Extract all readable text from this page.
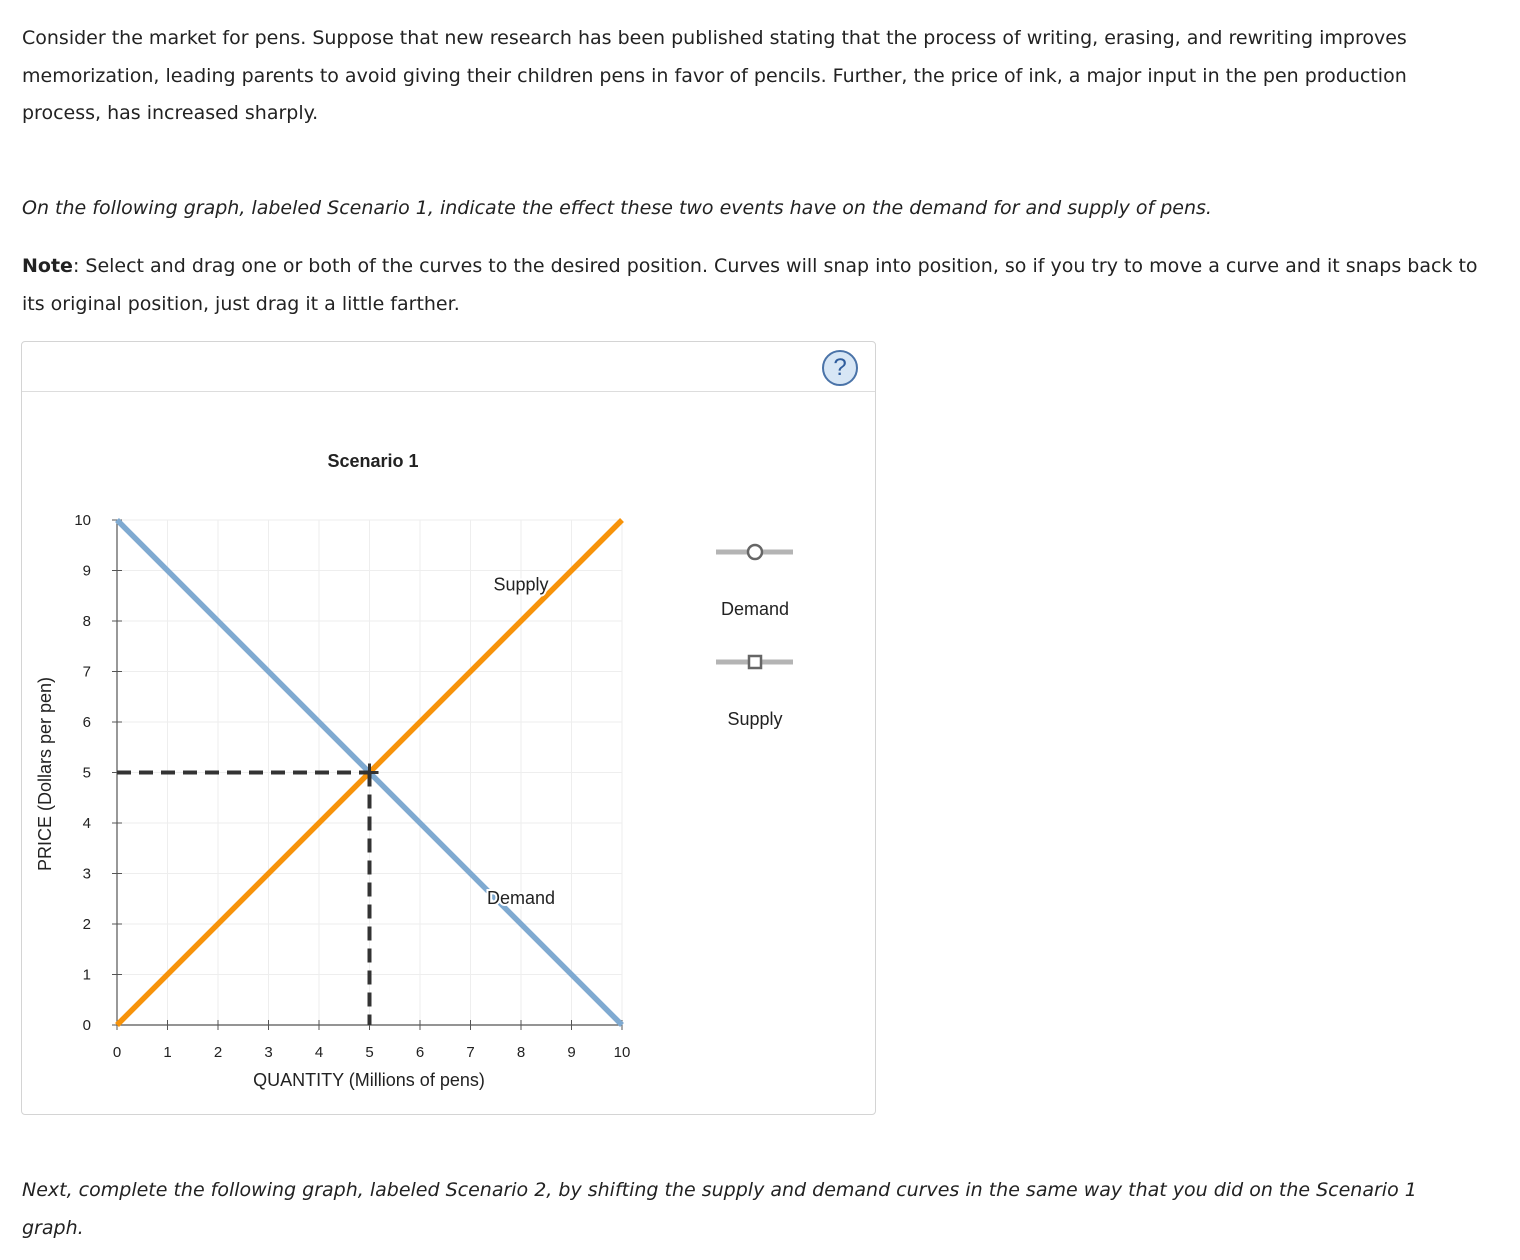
Consider the market for pens. Suppose that new research has been published stating that the process of writing, erasing, and rewriting improves memorization, leading parents to avoid giving their children pens in favor of pencils. Further, the price of ink, a major input in the pen production process, has increased sharply.

On the following graph, labeled Scenario 1, indicate the effect these two events have on the demand for and supply of pens.

Note: Select and drag one or both of the curves to the desired position. Curves will snap into position, so if you try to move a curve and it snaps back to its original position, just drag it a little farther.

?
Scenario 1
QUANTITY (Millions of pens)
PRICE (Dollars per pen)
0	1	2	3	4	5	6	7	8	9	10
0
1
2
3
4
5
6
7
8
9
10
Supply
Demand
Demand
Supply

Next, complete the following graph, labeled Scenario 2, by shifting the supply and demand curves in the same way that you did on the Scenario 1 graph.
